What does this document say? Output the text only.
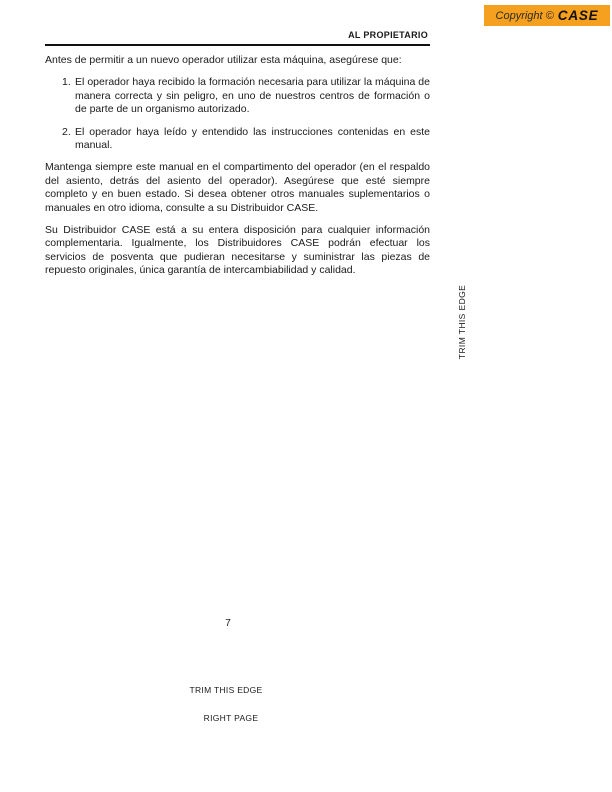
Copyright © CASE
AL PROPIETARIO

Antes de permitir a un nuevo operador utilizar esta máquina, asegúrese que:

1. El operador haya recibido la formación necesaria para utilizar la máquina de manera correcta y sin peligro, en uno de nuestros centros de formación o de parte de un organismo autorizado.
2. El operador haya leído y entendido las instrucciones contenidas en este manual.

Mantenga siempre este manual en el compartimento del operador (en el respaldo del asiento, detrás del asiento del operador). Asegúrese que esté siempre completo y en buen estado. Si desea obtener otros manuales suplementarios o manuales en otro idioma, consulte a su Distribuidor CASE.

Su Distribuidor CASE está a su entera disposición para cualquier información complementaria. Igualmente, los Distribuidores CASE podrán efectuar los servicios de posventa que pudieran necesitarse y suministrar las piezas de repuesto originales, única garantía de intercambiabilidad y calidad.

TRIM THIS EDGE
7
TRIM THIS EDGE
RIGHT PAGE
